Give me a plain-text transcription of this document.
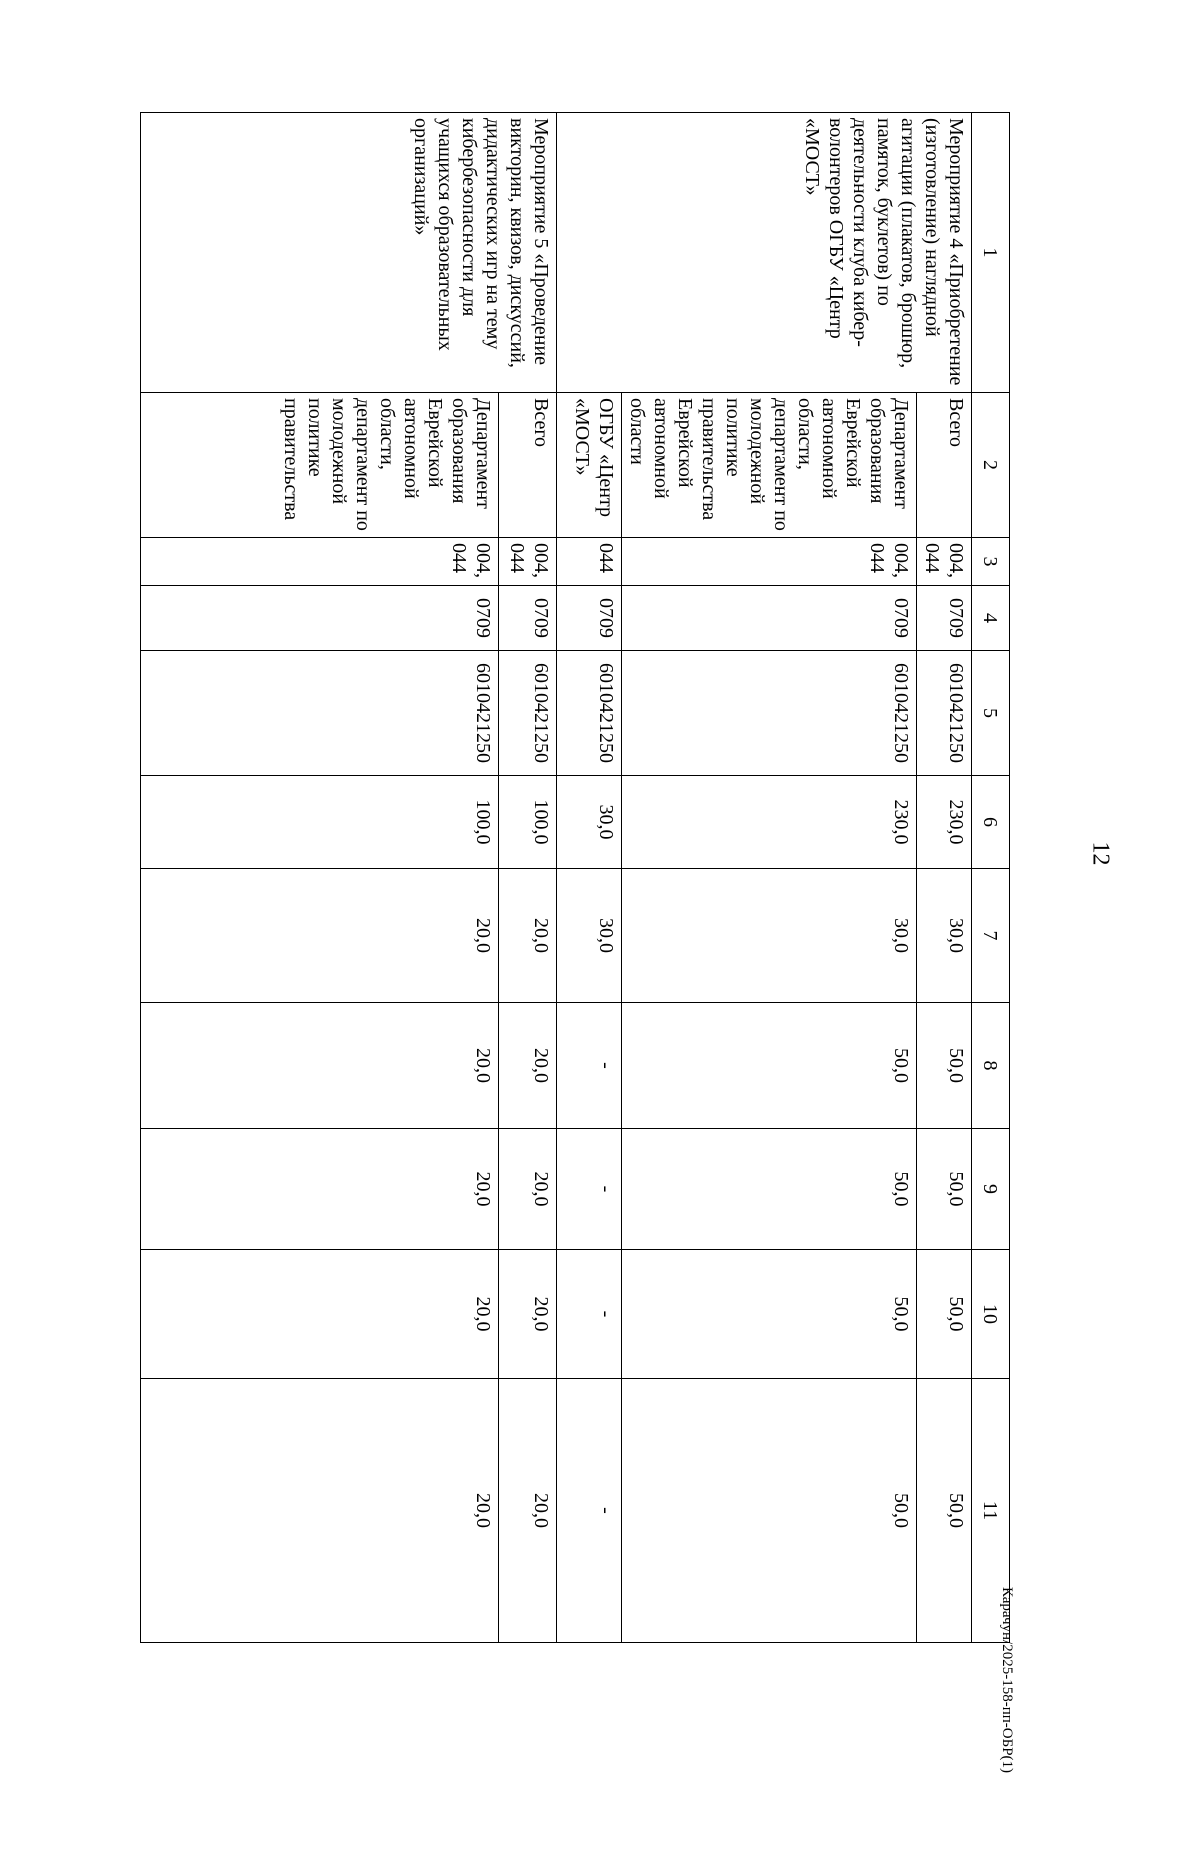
12
Карачун/2025-158-пп-ОБР(1)
1	2	3	4	5	6	7	8	9	10	11
Мероприятие 4 «Приобретение (изготовление) наглядной агитации (плакатов, брошюр, памяток, буклетов) по деятельности клуба киберволонтеров ОГБУ «Центр «МОСТ»	Всего	004, 044	0709	6010421250	230,0	30,0	50,0	50,0	50,0	50,0
	Департамент образования Еврейской автономной области, департамент по молодежной политике правительства Еврейской автономной области	004, 044	0709	6010421250	230,0	30,0	50,0	50,0	50,0	50,0
	ОГБУ «Центр «МОСТ»	044	0709	6010421250	30,0	30,0	-	-	-	-
Мероприятие 5 «Проведение викторин, квизов, дискуссий, дидактических игр на тему кибербезопасности для учащихся образовательных организаций»	Всего	004, 044	0709	6010421250	100,0	20,0	20,0	20,0	20,0	20,0
	Департамент образования Еврейской автономной области, департамент по молодежной политике правительства	004, 044	0709	6010421250	100,0	20,0	20,0	20,0	20,0	20,0
